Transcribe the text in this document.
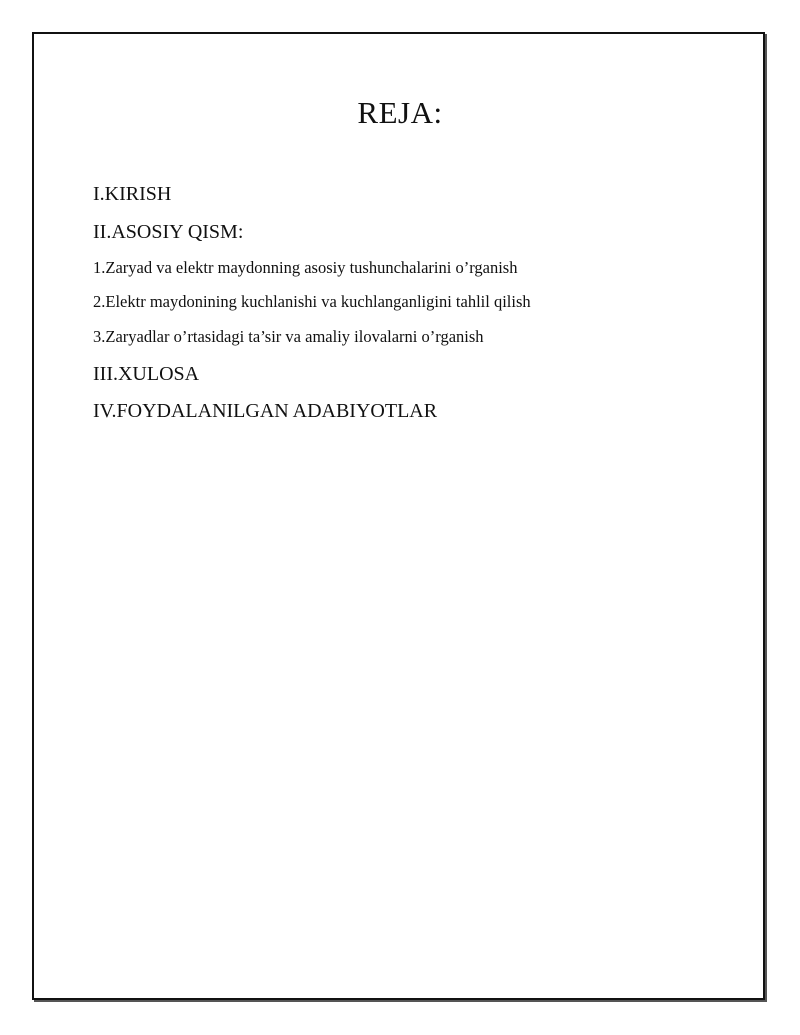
REJA:
I.KIRISH
II.ASOSIY QISM:
1.Zaryad va elektr maydonning asosiy tushunchalarini o’rganish
2.Elektr maydonining kuchlanishi va kuchlanganligini tahlil qilish
3.Zaryadlar o’rtasidagi ta’sir va amaliy ilovalarni o’rganish
III.XULOSA
IV.FOYDALANILGAN ADABIYOTLAR
